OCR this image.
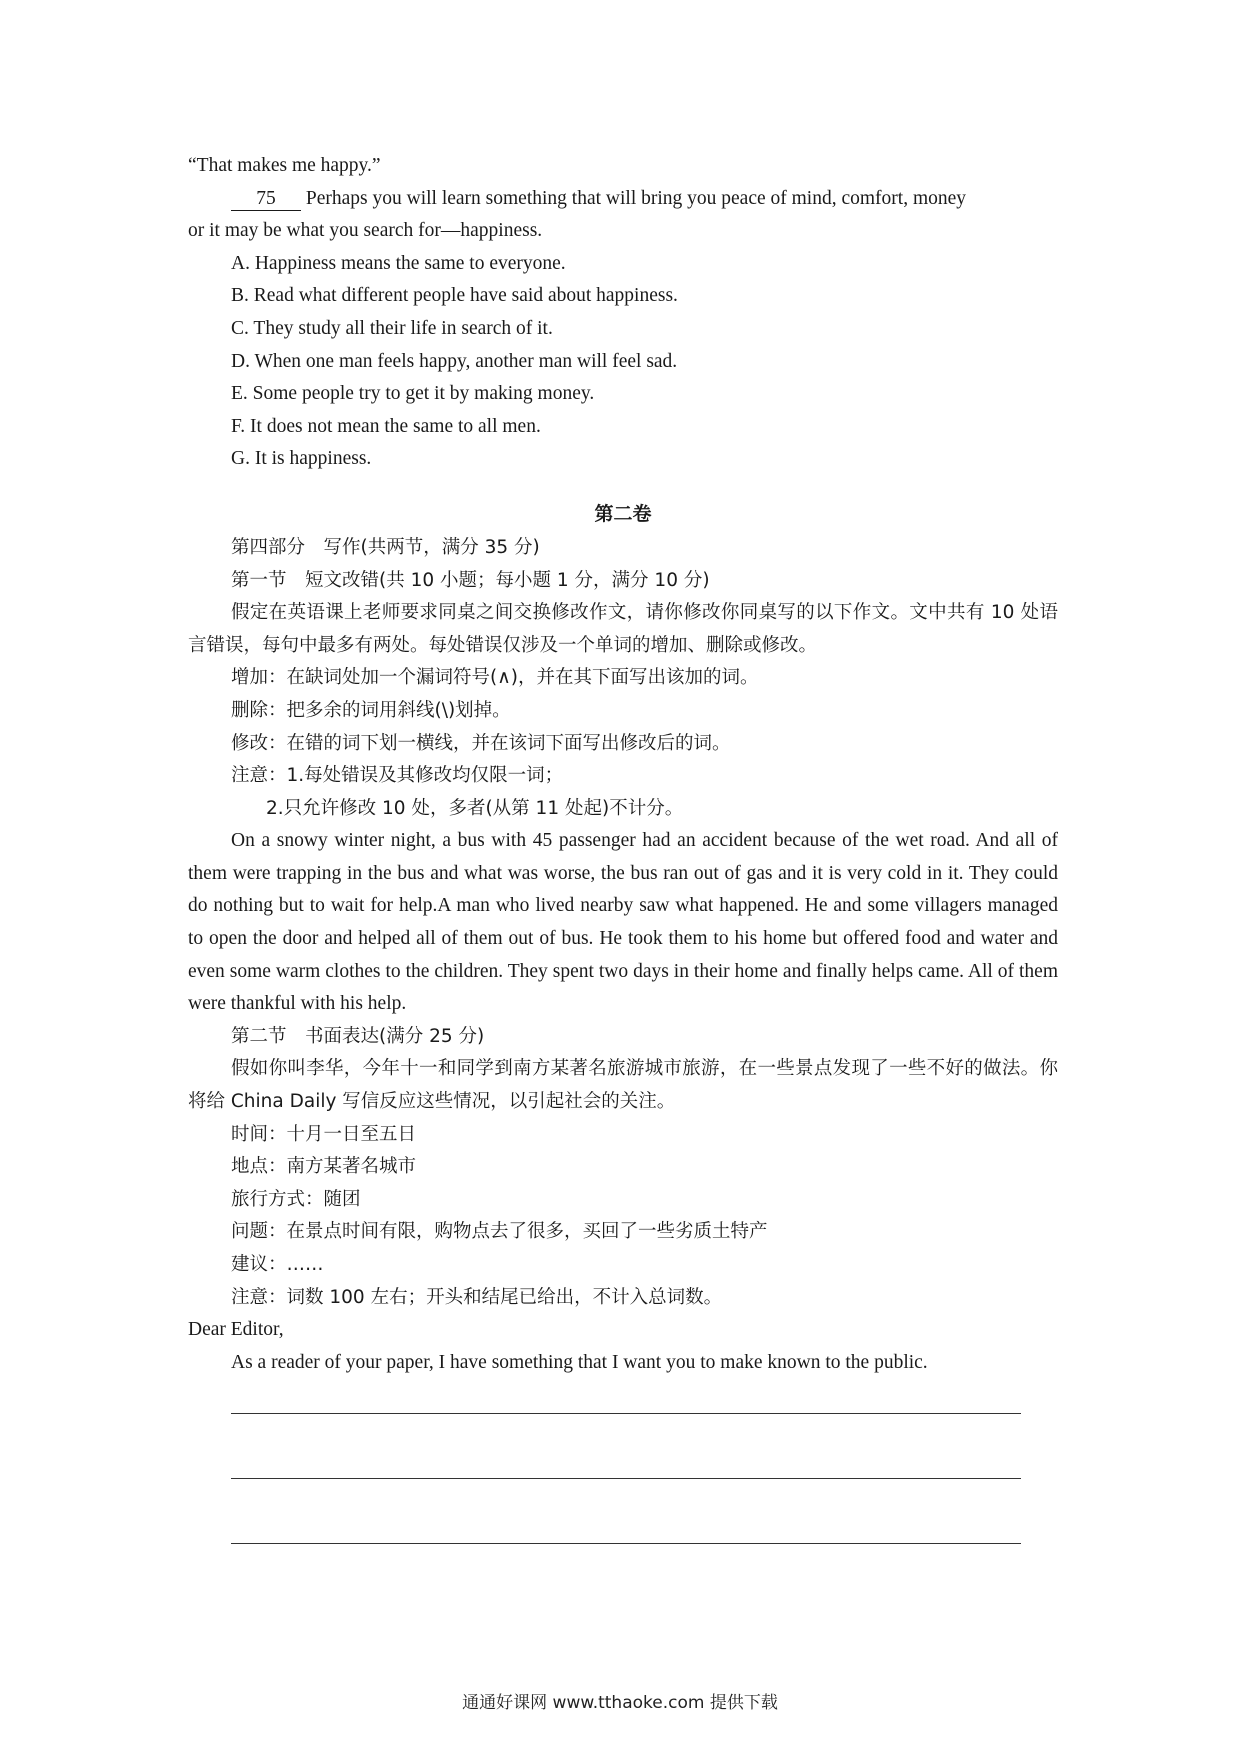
“That makes me happy.”

75 Perhaps you will learn something that will bring you peace of mind, comfort, money

or it may be what you search for—happiness.

A. Happiness means the same to everyone.

B. Read what different people have said about happiness.

C. They study all their life in search of it.

D. When one man feels happy, another man will feel sad.

E. Some people try to get it by making money.

F. It does not mean the same to all men.

G. It is happiness.

第二卷

第四部分　写作(共两节，满分 35 分)

第一节　短文改错(共 10 小题；每小题 1 分，满分 10 分)

假定在英语课上老师要求同桌之间交换修改作文，请你修改你同桌写的以下作文。文中共有 10 处语言错误，每句中最多有两处。每处错误仅涉及一个单词的增加、删除或修改。

增加：在缺词处加一个漏词符号(∧)，并在其下面写出该加的词。

删除：把多余的词用斜线(\)划掉。

修改：在错的词下划一横线，并在该词下面写出修改后的词。

注意：1.每处错误及其修改均仅限一词；

2.只允许修改 10 处，多者(从第 11 处起)不计分。

On a snowy winter night, a bus with 45 passenger had an accident because of the wet road. And all of them were trapping in the bus and what was worse, the bus ran out of gas and it is very cold in it. They could do nothing but to wait for help.A man who lived nearby saw what happened. He and some villagers managed to open the door and helped all of them out of bus. He took them to his home but offered food and water and even some warm clothes to the children. They spent two days in their home and finally helps came. All of them were thankful with his help.

第二节　书面表达(满分 25 分)

假如你叫李华，今年十一和同学到南方某著名旅游城市旅游，在一些景点发现了一些不好的做法。你将给 China Daily 写信反应这些情况，以引起社会的关注。

时间：十月一日至五日

地点：南方某著名城市

旅行方式：随团

问题：在景点时间有限，购物点去了很多，买回了一些劣质土特产

建议：……

注意：词数 100 左右；开头和结尾已给出，不计入总词数。

Dear Editor,

As a reader of your paper, I have something that I want you to make known to the public.

通通好课网 www.tthaoke.com 提供下载
